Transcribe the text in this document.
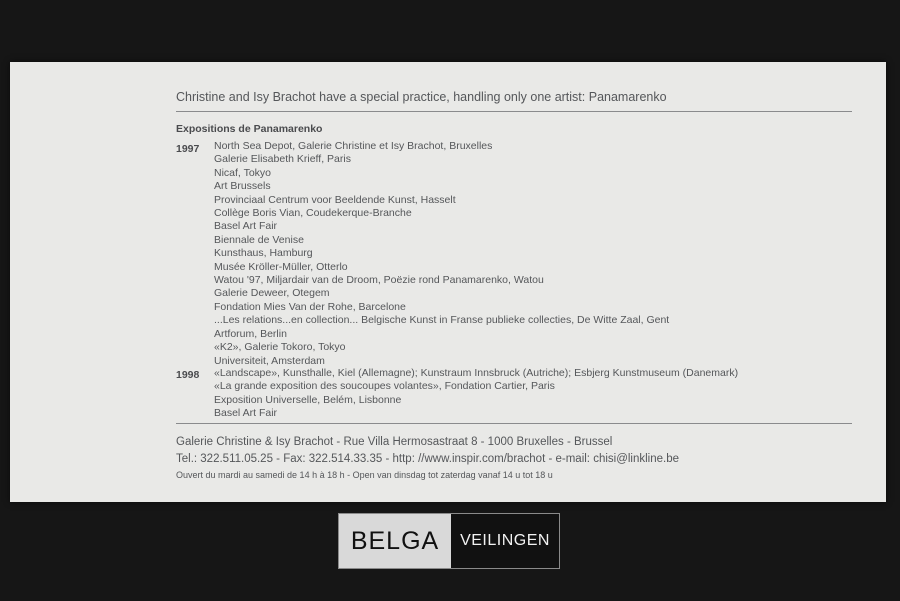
Christine and Isy Brachot have a special practice, handling only one artist: Panamarenko
Expositions de Panamarenko
1997 North Sea Depot, Galerie Christine et Isy Brachot, Bruxelles
Galerie Elisabeth Krieff, Paris
Nicaf, Tokyo
Art Brussels
Provinciaal Centrum voor Beeldende Kunst, Hasselt
Collège Boris Vian, Coudekerque-Branche
Basel Art Fair
Biennale de Venise
Kunsthaus, Hamburg
Musée Kröller-Müller, Otterlo
Watou '97, Miljardair van de Droom, Poëzie rond Panamarenko, Watou
Galerie Deweer, Otegem
Fondation Mies Van der Rohe, Barcelone
...Les relations...en collection... Belgische Kunst in Franse publieke collecties, De Witte Zaal, Gent
Artforum, Berlin
«K2», Galerie Tokoro, Tokyo
Universiteit, Amsterdam
1998 «Landscape», Kunsthalle, Kiel (Allemagne); Kunstraum Innsbruck (Autriche); Esbjerg Kunstmuseum (Danemark)
«La grande exposition des soucoupes volantes», Fondation Cartier, Paris
Exposition Universelle, Belém, Lisbonne
Basel Art Fair
Galerie Christine & Isy Brachot - Rue Villa Hermosastraat 8 - 1000 Bruxelles - Brussel
Tel.: 322.511.05.25 - Fax: 322.514.33.35 - http: //www.inspir.com/brachot - e-mail: chisi@linkline.be
Ouvert du mardi au samedi de 14 h à 18 h - Open van dinsdag tot zaterdag vanaf 14 u tot 18 u
BELGA	VEILINGEN
